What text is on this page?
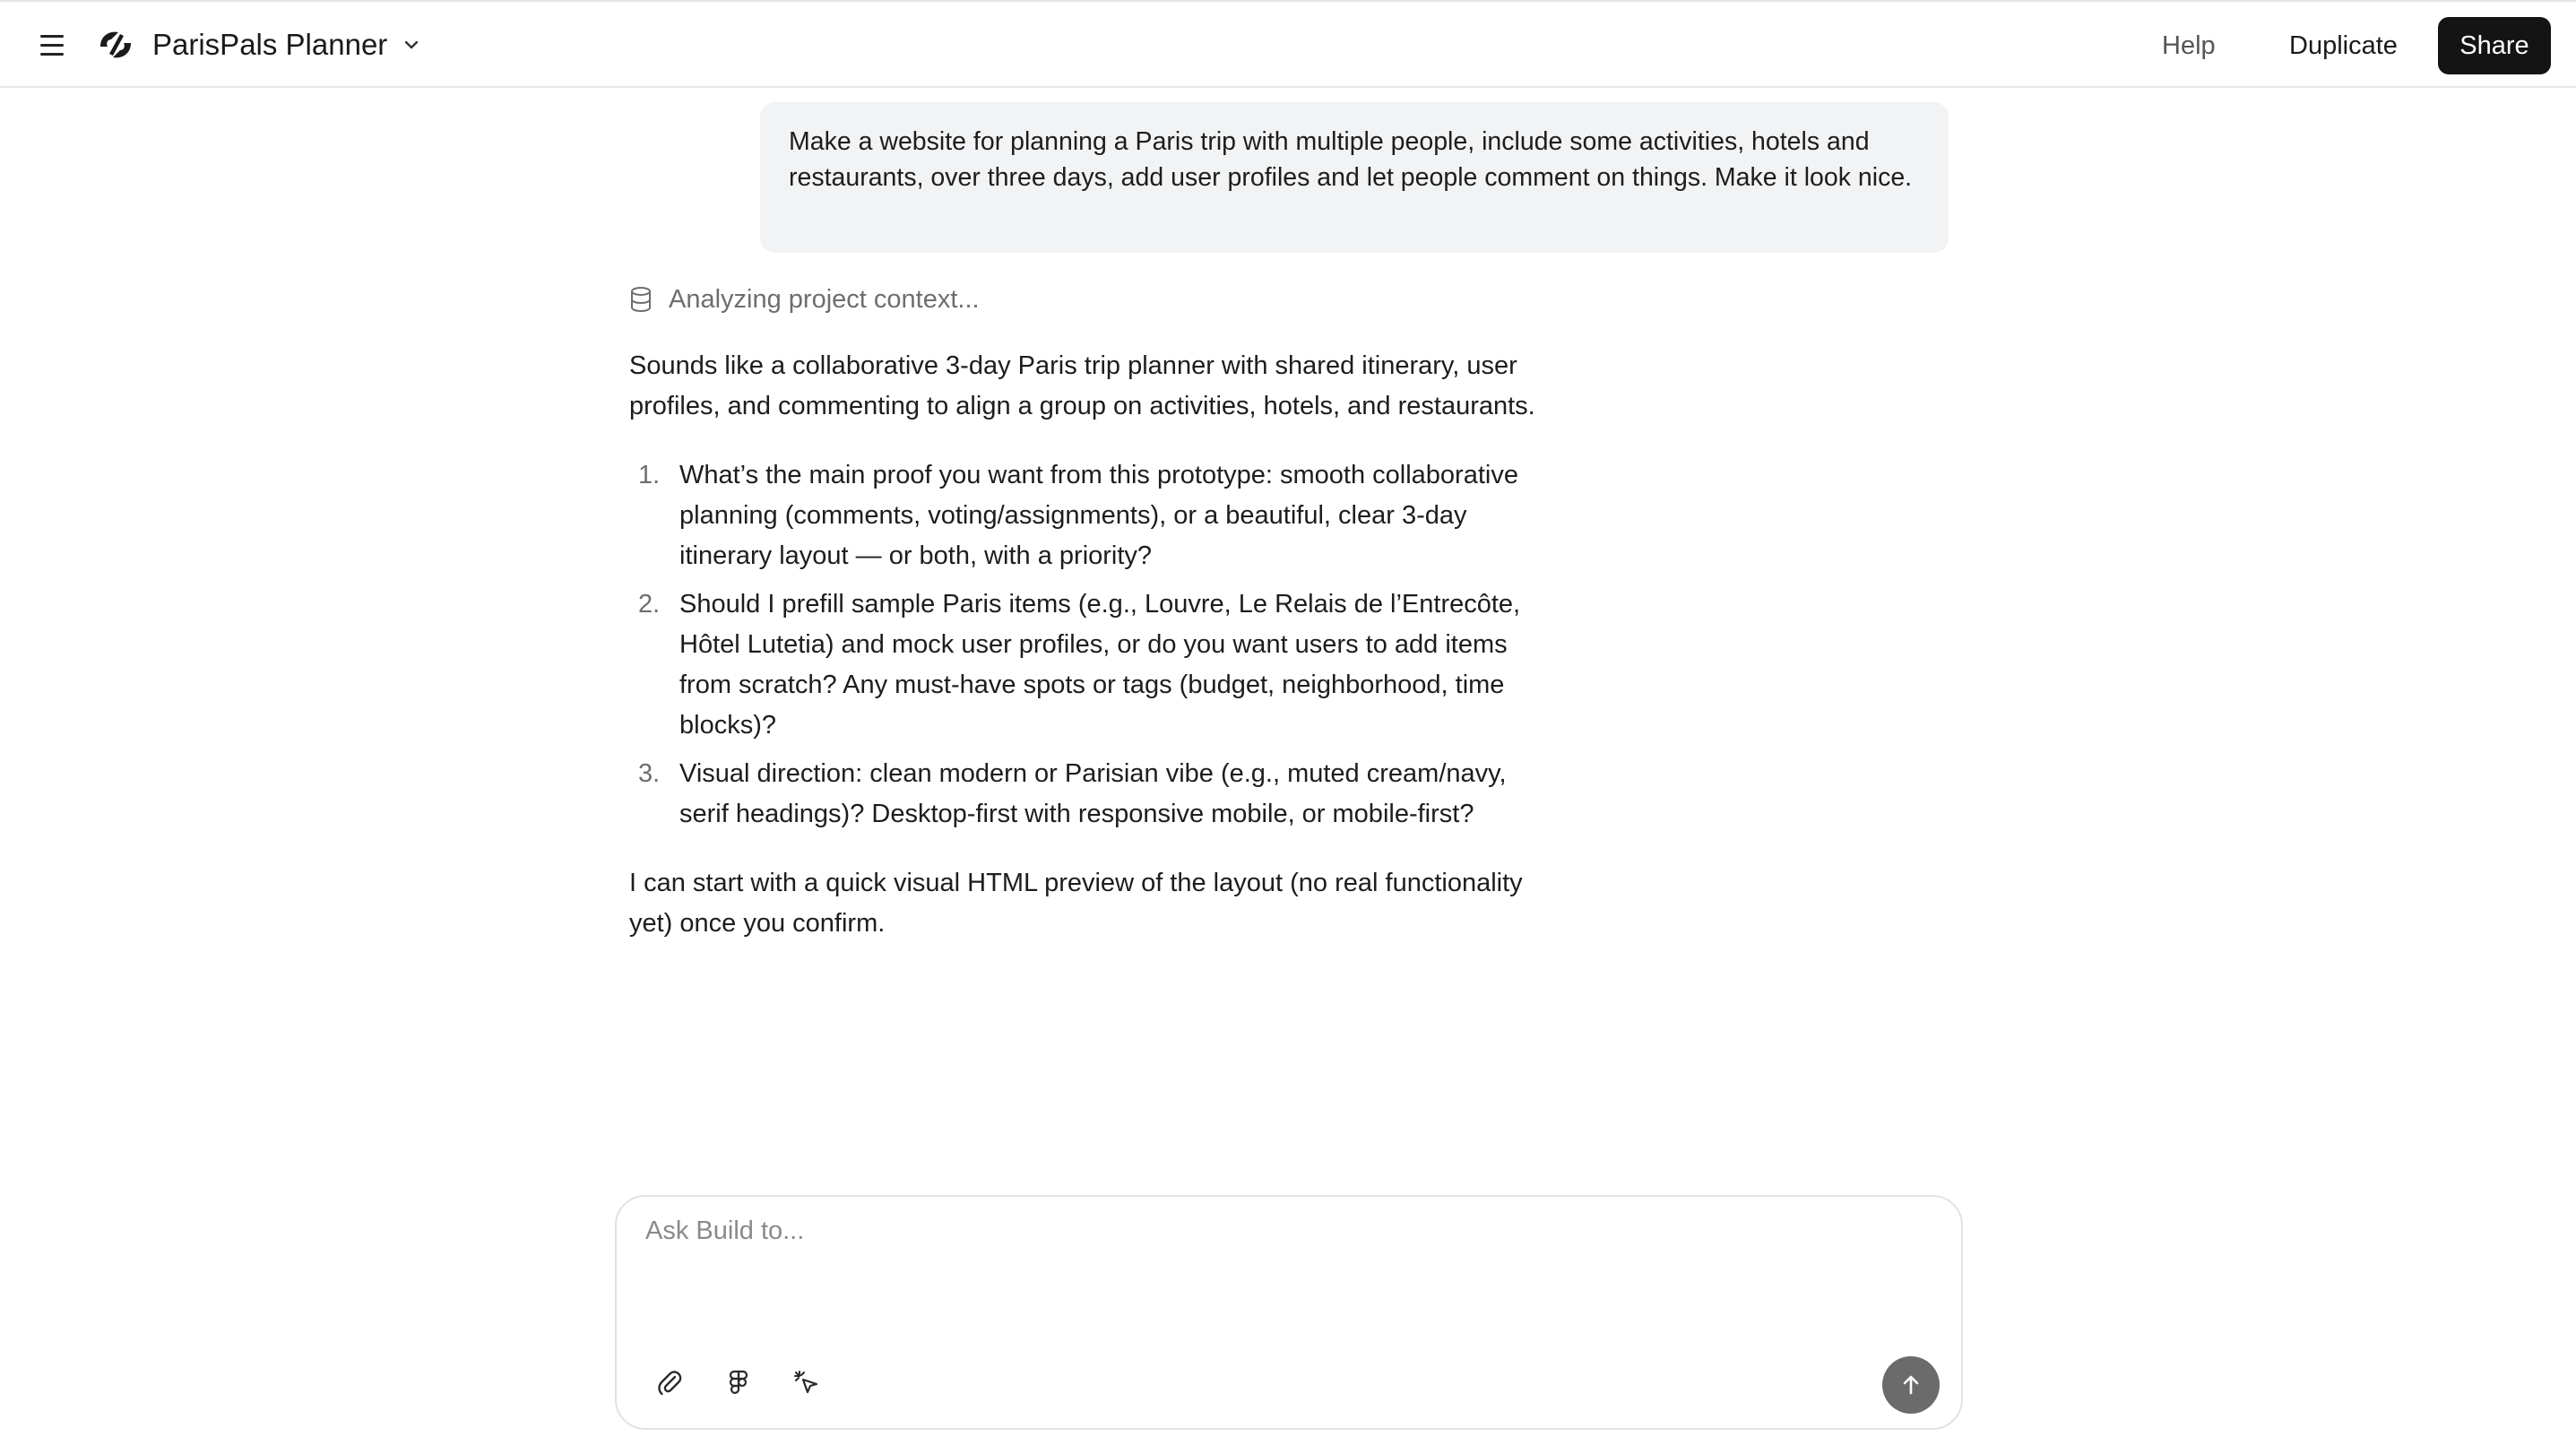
ParisPals Planner	Help	Duplicate	Share
Make a website for planning a Paris trip with multiple people, include some activities, hotels and restaurants, over three days, add user profiles and let people comment on things. Make it look nice.
Analyzing project context...

Sounds like a collaborative 3-day Paris trip planner with shared itinerary, user profiles, and commenting to align a group on activities, hotels, and restaurants.

1. What’s the main proof you want from this prototype: smooth collaborative planning (comments, voting/assignments), or a beautiful, clear 3-day itinerary layout — or both, with a priority?
2. Should I prefill sample Paris items (e.g., Louvre, Le Relais de l’Entrecôte, Hôtel Lutetia) and mock user profiles, or do you want users to add items from scratch? Any must-have spots or tags (budget, neighborhood, time blocks)?
3. Visual direction: clean modern or Parisian vibe (e.g., muted cream/navy, serif headings)? Desktop-first with responsive mobile, or mobile-first?

I can start with a quick visual HTML preview of the layout (no real functionality yet) once you confirm.

Ask Build to...
